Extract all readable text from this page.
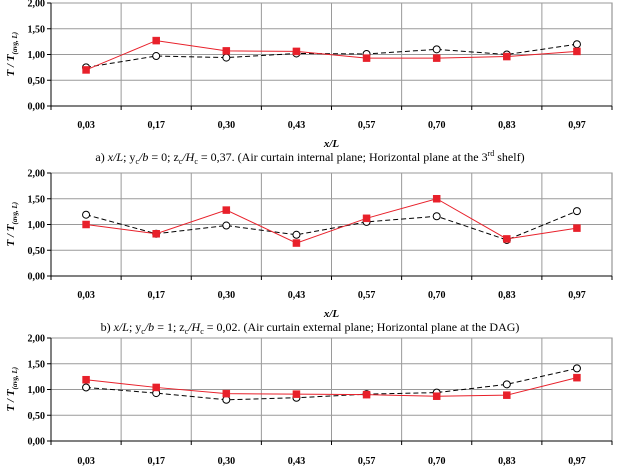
0,00
0,50
1,00
1,50
2,00
0,03	0,17	0,30	0,43	0,57	0,70	0,83	0,97
T / $T_{(avg, L)}$
x/L
a) x/L; $y_c/b = 0$; $z_c/H_c = 0,37$. (Air curtain internal plane; Horizontal plane at the 3rd shelf)
0,00
0,50
1,00
1,50
2,00
0,03	0,17	0,30	0,43	0,57	0,70	0,83	0,97
T / $T_{(avg, L)}$
x/L
b) x/L; $y_c/b = 1$; $z_c/H_c = 0,02$. (Air curtain external plane; Horizontal plane at the DAG)
0,00
0,50
1,00
1,50
2,00
0,03	0,17	0,30	0,43	0,57	0,70	0,83	0,97
T / $T_{(avg, L)}$
